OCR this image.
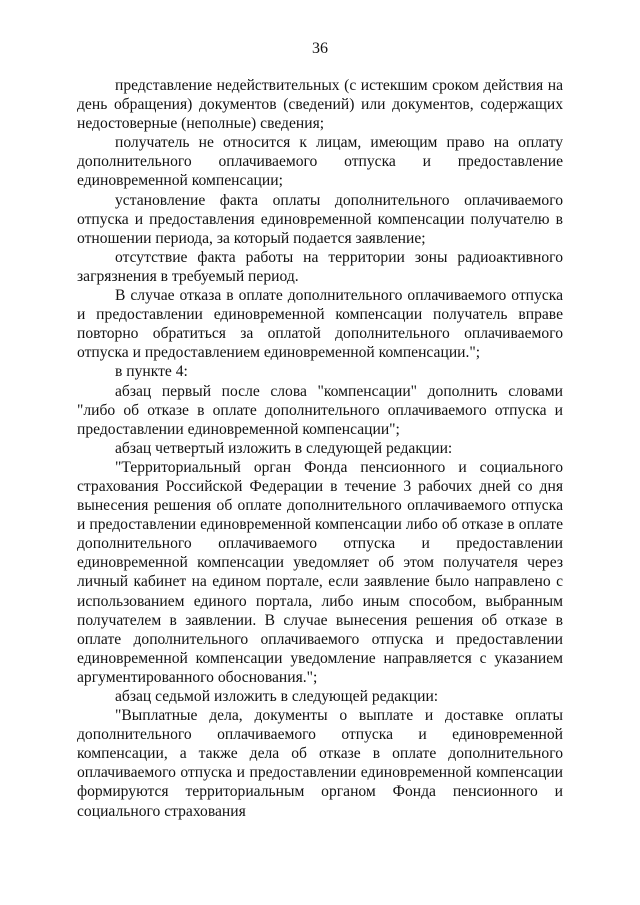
36

представление недействительных (с истекшим сроком действия на день обращения) документов (сведений) или документов, содержащих недостоверные (неполные) сведения;

получатель не относится к лицам, имеющим право на оплату дополнительного оплачиваемого отпуска и предоставление единовременной компенсации;

установление факта оплаты дополнительного оплачиваемого отпуска и предоставления единовременной компенсации получателю в отношении периода, за который подается заявление;

отсутствие факта работы на территории зоны радиоактивного загрязнения в требуемый период.

В случае отказа в оплате дополнительного оплачиваемого отпуска и предоставлении единовременной компенсации получатель вправе повторно обратиться за оплатой дополнительного оплачиваемого отпуска и предоставлением единовременной компенсации.";

в пункте 4:

абзац первый после слова "компенсации" дополнить словами "либо об отказе в оплате дополнительного оплачиваемого отпуска и предоставлении единовременной компенсации";

абзац четвертый изложить в следующей редакции:

"Территориальный орган Фонда пенсионного и социального страхования Российской Федерации в течение 3 рабочих дней со дня вынесения решения об оплате дополнительного оплачиваемого отпуска и предоставлении единовременной компенсации либо об отказе в оплате дополнительного оплачиваемого отпуска и предоставлении единовременной компенсации уведомляет об этом получателя через личный кабинет на едином портале, если заявление было направлено с использованием единого портала, либо иным способом, выбранным получателем в заявлении. В случае вынесения решения об отказе в оплате дополнительного оплачиваемого отпуска и предоставлении единовременной компенсации уведомление направляется с указанием аргументированного обоснования.";

абзац седьмой изложить в следующей редакции:

"Выплатные дела, документы о выплате и доставке оплаты дополнительного оплачиваемого отпуска и единовременной компенсации, а также дела об отказе в оплате дополнительного оплачиваемого отпуска и предоставлении единовременной компенсации формируются территориальным органом Фонда пенсионного и социального страхования
